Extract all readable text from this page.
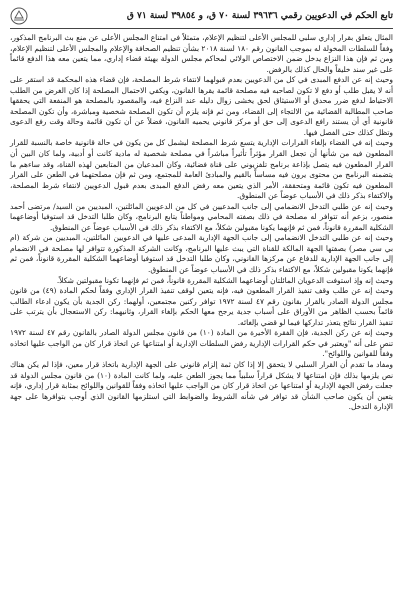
تابع الحكم في الدعويين رقمي ٣٩٦٣٦ لسنة ٧٠ ق، و ٣٩٨٥٤ لسنة ٧١ ق

المثال يتعلق بقرار إداري سلبي للمجلس الأعلى لتنظيم الإعلام، متمثلاً في امتناع المجلس الأعلى عن منع بث البرنامج المذكور، وفقاً للسلطات المخولة له بموجب القانون رقم ١٨٠ لسنة ٢٠١٨ بشأن تنظيم الصحافة والإعلام والمجلس الأعلى لتنظيم الإعلام، ومن ثم فإن هذا النزاع يدخل ضمن الاختصاص الولائي لمحاكم مجلس الدولة بهيئة قضاء إداري، مما يتعين معه هذا الدفع قائماً على غير سند خليقاً والحال كذلك بالرفض.

وحيث إنه عن الدفع المبدى في كل من الدعويين بعدم قبولهما لانتفاء شرط المصلحة، فإن قضاء هذه المحكمة قد استقر على أنه لا يقبل طلب أو دفع لا تكون لصاحبه فيه مصلحة قائمة يقرها القانون، ويكفي الاحتمال المصلحة إذا كان الغرض من الطلب الاحتياط لدفع ضرر محدق أو الاستيثاق لحق يخشى زوال دليله عند النزاع فيه، والمقصود بالمصلحة هو المنفعة التي يحققها صاحب المطالبة القضائية من الالتجاء إلى القضاء، ومن ثم فإنه يلزم أن تكون المصلحة شخصية ومباشرة، وأن تكون المصلحة قانونية أي أن يستند رافع الدعوى إلى حق أو مركز قانوني يحميه القانون، فضلاً عن أن تكون قائمة وحالة وقت رفع الدعوى وتظل كذلك حتى الفصل فيها.

وحيث إنه في القضاء بإلغاء القرارات الإدارية يتسع شرط المصلحة ليشمل كل من يكون في حالة قانونية خاصة بالنسبة للقرار المطعون فيه من شأنها أن تجعل القرار مؤثراً تأثيراً مباشراً في مصلحة شخصية له مادية كانت أو أدبية، ولما كان البين أن القرار المطعون فيه يتصل بإذاعة برنامج تلفزيوني على قناة فضائية، وكان المدعيان من المتابعين لهذه القناة، وقد ساءهم ما يتضمنه البرنامج من محتوى يرون فيه مساساً بالقيم والمبادئ العامة للمجتمع، ومن ثم فإن مصلحتهما في الطعن على القرار المطعون فيه تكون قائمة ومتحققة، الأمر الذي يتعين معه رفض الدفع المبدى بعدم قبول الدعويين لانتفاء شرط المصلحة، والاكتفاء بذكر ذلك في الأسباب عوضاً عن المنطوق.

وحيث إنه عن طلبي التدخل الانضمامي إلى جانب المدعيين في كل من الدعويين المائلتين، المبديين من السيد/ مرتضى أحمد منصور، بزعم أنه تتوافر له مصلحة في ذلك بصفته المحامي ومواطناً يتابع البرنامج، وكان طلبا التدخل قد استوفيا أوضاعهما الشكلية المقررة قانوناً، فمن ثم فإنهما يكونا مقبولين شكلاً، مع الاكتفاء بذكر ذلك في الأسباب عوضاً عن المنطوق.

وحيث إنه عن طلبي التدخل الانضمامي إلى جانب الجهة الإدارية المدعى عليها في الدعويين المائلتين، المبديين من شركة (ام بي سي مصر) بصفتها الجهة المالكة للقناة التي يبث عليها البرنامج، وكانت الشركة المذكورة تتوافر لها مصلحة في الانضمام إلى جانب الجهة الإدارية للدفاع عن مركزها القانوني، وكان طلبا التدخل قد استوفيا أوضاعهما الشكلية المقررة قانوناً، فمن ثم فإنهما يكونا مقبولين شكلاً، مع الاكتفاء بذكر ذلك في الأسباب عوضاً عن المنطوق.

وحيث إنه وإذ استوفت الدعويان المائلتان أوضاعهما الشكلية المقررة قانوناً، فمن ثم فإنهما تكونا مقبولتين شكلاً.

وحيث إنه عن طلب وقف تنفيذ القرار المطعون فيه، فإنه يتعين لوقف تنفيذ القرار الإداري وفقاً لحكم المادة (٤٩) من قانون مجلس الدولة الصادر بالقرار بقانون رقم ٤٧ لسنة ١٩٧٢ توافر ركنين مجتمعين، أولهما: ركن الجدية بأن يكون ادعاء الطالب قائماً بحسب الظاهر من الأوراق على أسباب جدية يرجح معها الحكم بإلغاء القرار، وثانيهما: ركن الاستعجال بأن يترتب على تنفيذ القرار نتائج يتعذر تداركها فيما لو قضي بإلغائه.

وحيث إنه عن ركن الجدية، فإن الفقرة الأخيرة من المادة (١٠) من قانون مجلس الدولة الصادر بالقانون رقم ٤٧ لسنة ١٩٧٢ تنص على أنه "ويعتبر في حكم القرارات الإدارية رفض السلطات الإدارية أو امتناعها عن اتخاذ قرار كان من الواجب عليها اتخاذه وفقاً للقوانين واللوائح".

ومفاد ما تقدم أن القرار السلبي لا يتحقق إلا إذا كان ثمة إلزام قانوني على الجهة الإدارية باتخاذ قرار معين، فإذا لم يكن هناك نص يلزمها بذلك فإن امتناعها لا يشكل قراراً سلبياً مما يجوز الطعن عليه، ولما كانت المادة (١٠) من قانون مجلس الدولة قد جعلت رفض الجهة الإدارية أو امتناعها عن اتخاذ قرار كان من الواجب عليها اتخاذه وفقاً للقوانين واللوائح بمثابة قرار إداري، فإنه يتعين أن يكون صاحب الشأن قد توافر في شأنه الشروط والضوابط التي استلزمها القانون الذي أوجب بتوافرها على جهة الإدارة التدخل.
